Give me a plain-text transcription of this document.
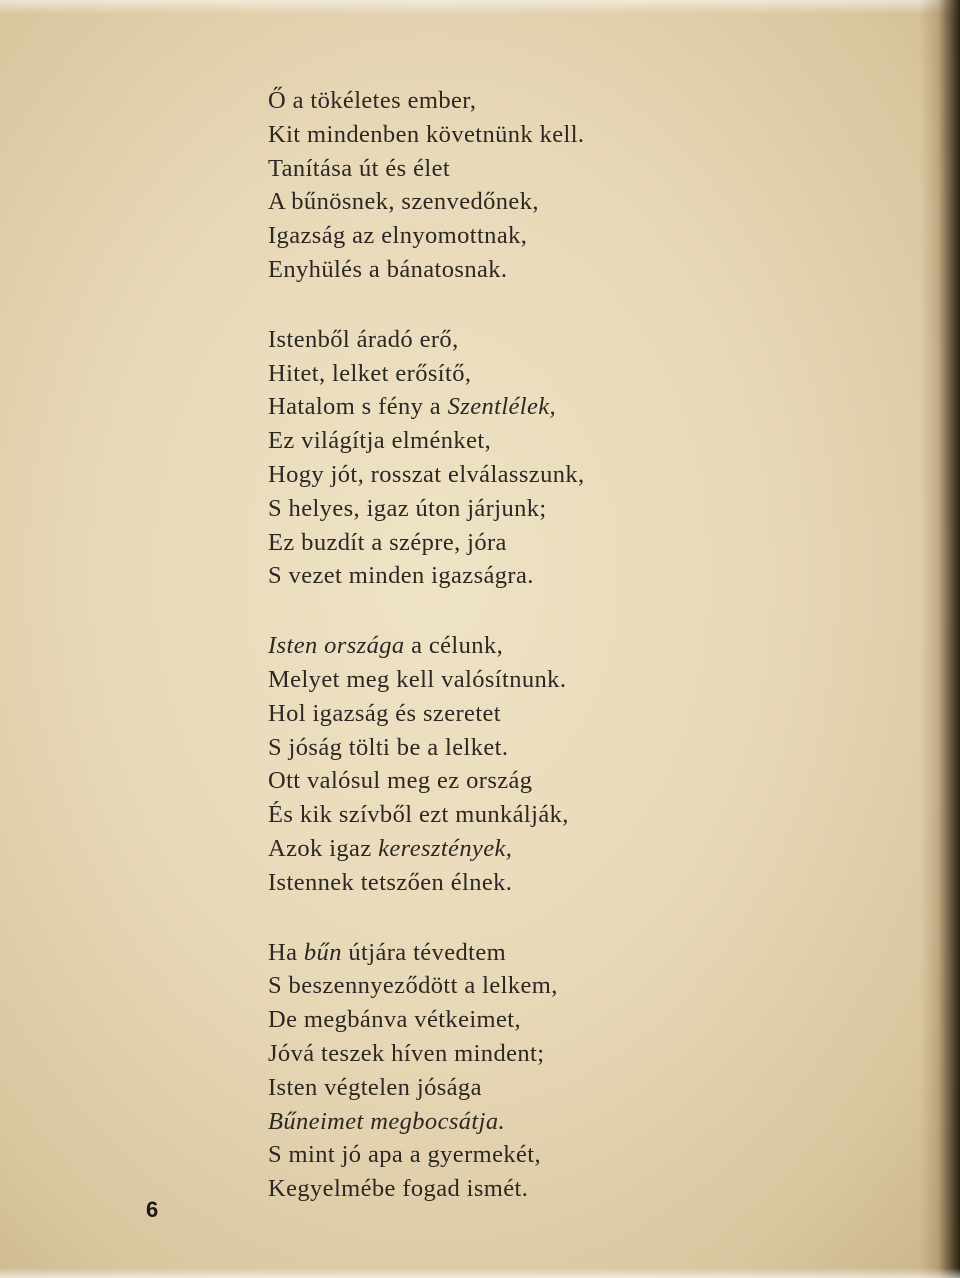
Ő a tökéletes ember,
Kit mindenben követnünk kell.
Tanítása út és élet
A bűnösnek, szenvedőnek,
Igazság az elnyomottnak,
Enyhülés a bánatosnak.
Istenből áradó erő,
Hitet, lelket erősítő,
Hatalom s fény a Szentlélek,
Ez világítja elménket,
Hogy jót, rosszat elválasszunk,
S helyes, igaz úton járjunk;
Ez buzdít a szépre, jóra
S vezet minden igazságra.
Isten országa a célunk,
Melyet meg kell valósítnunk.
Hol igazság és szeretet
S jóság tölti be a lelket.
Ott valósul meg ez ország
És kik szívből ezt munkálják,
Azok igaz keresztények,
Istennek tetszően élnek.
Ha bűn útjára tévedtem
S beszennyeződött a lelkem,
De megbánva vétkeimet,
Jóvá teszek híven mindent;
Isten végtelen jósága
Bűneimet megbocsátja.
S mint jó apa a gyermekét,
Kegyelmébe fogad ismét.
6
